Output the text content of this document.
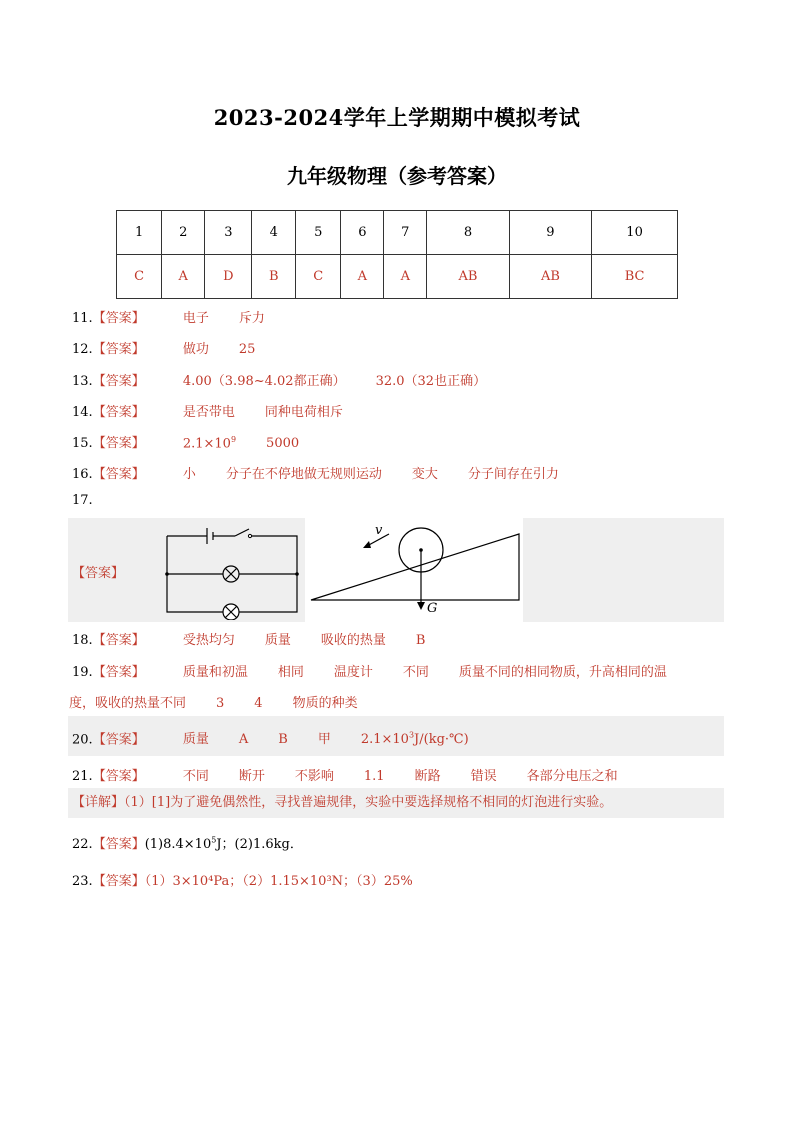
2023-2024学年上学期期中模拟考试
九年级物理（参考答案）
1	2	3	4	5	6	7	8	9	10
C	A	D	B	C	A	A	AB	AB	BC
11.【答案】	电子 斥力
12.【答案】	做功 25
13.【答案】	4.00（3.98~4.02都正确） 32.0（32也正确）
14.【答案】	是否带电 同种电荷相斥
15.【答案】	$2.1\times 10^9$ 5000
16.【答案】	小 分子在不停地做无规则运动 变大 分子间存在引力
17.
【答案】
v
G
18.【答案】	受热均匀 质量 吸收的热量 B
19.【答案】	质量和初温 相同 温度计 不同 质量不同的相同物质，升高相同的温
度，吸收的热量不同 3 4 物质的种类
20.【答案】	质量 A B 甲 $2.1\times 10^3J/(kg\cdot℃)$
21.【答案】	不同 断开 不影响 1.1 断路 错误 各部分电压之和
【详解】（1）[1]为了避免偶然性，寻找普遍规律，实验中要选择规格不相同的灯泡进行实验。
22.【答案】$(1)8.4\times 10^5J$；(2)1.6kg．
23.【答案】（1）3×10⁴Pa；（2）1.15×10³N；（3）25%
